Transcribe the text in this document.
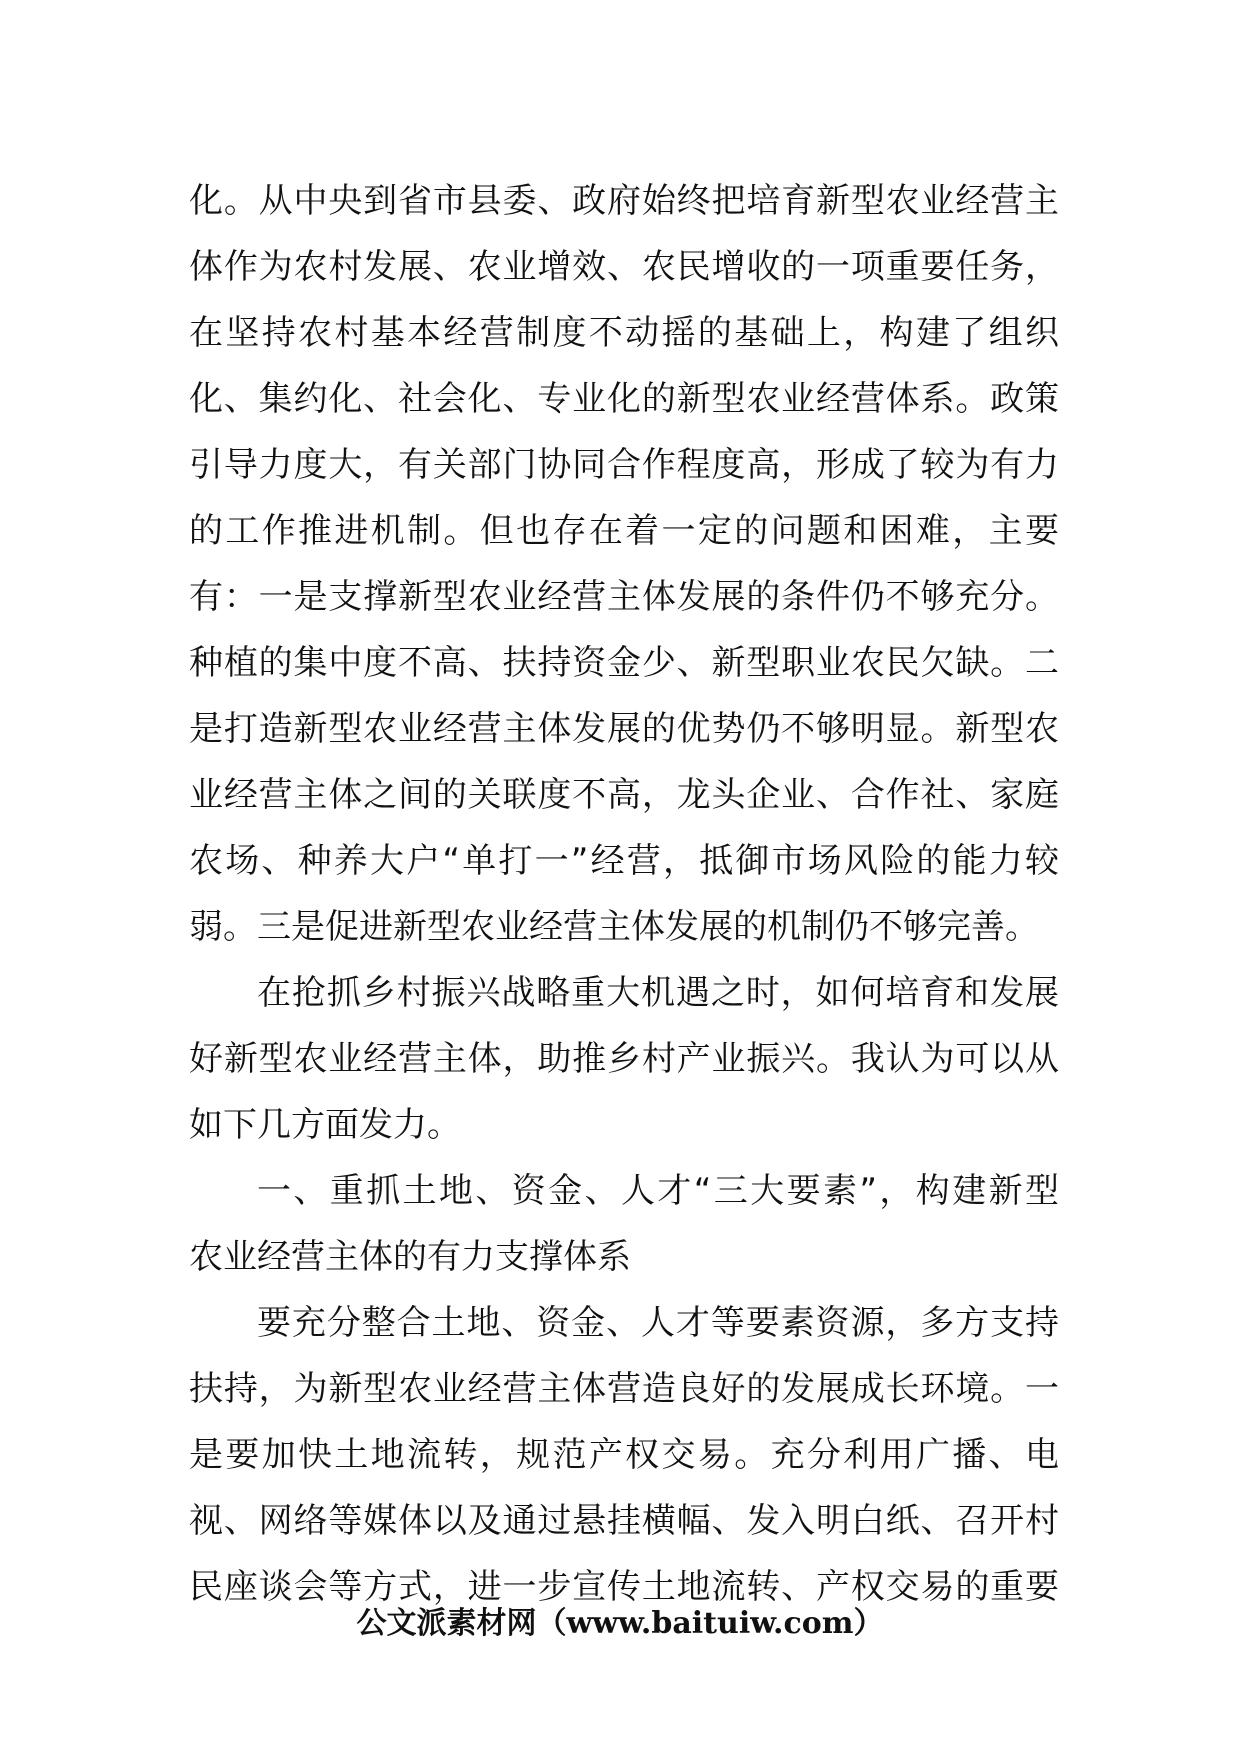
化。从中央到省市县委、政府始终把培育新型农业经营主
体作为农村发展、农业增效、农民增收的一项重要任务，
在坚持农村基本经营制度不动摇的基础上，构建了组织
化、集约化、社会化、专业化的新型农业经营体系。政策
引导力度大，有关部门协同合作程度高，形成了较为有力
的工作推进机制。但也存在着一定的问题和困难，主要
有：一是支撑新型农业经营主体发展的条件仍不够充分。
种植的集中度不高、扶持资金少、新型职业农民欠缺。二
是打造新型农业经营主体发展的优势仍不够明显。新型农
业经营主体之间的关联度不高，龙头企业、合作社、家庭
农场、种养大户“单打一”经营，抵御市场风险的能力较
弱。三是促进新型农业经营主体发展的机制仍不够完善。
在抢抓乡村振兴战略重大机遇之时，如何培育和发展
好新型农业经营主体，助推乡村产业振兴。我认为可以从
如下几方面发力。
一、重抓土地、资金、人才“三大要素”，构建新型
农业经营主体的有力支撑体系
要充分整合土地、资金、人才等要素资源，多方支持
扶持，为新型农业经营主体营造良好的发展成长环境。一
是要加快土地流转，规范产权交易。充分利用广播、电
视、网络等媒体以及通过悬挂横幅、发入明白纸、召开村
民座谈会等方式，进一步宣传土地流转、产权交易的重要
公文派素材网（www.baituiw.com）
